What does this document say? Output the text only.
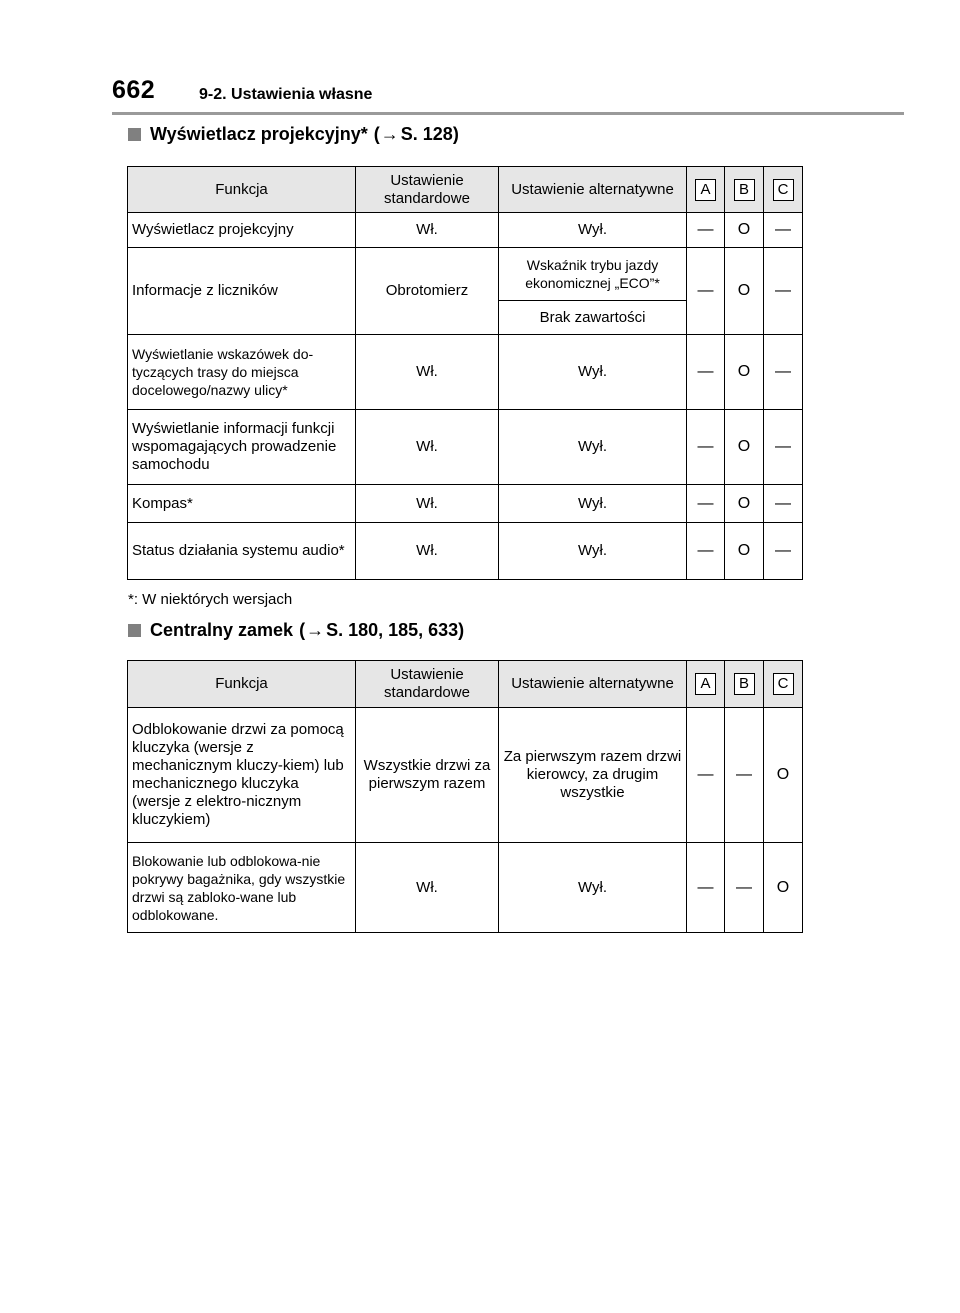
662	9-2. Ustawienia własne
Wyświetlacz projekcyjny* ( → S. 128)
Funkcja	Ustawienie standardowe	Ustawienie alternatywne	A	B	C
Wyświetlacz projekcyjny	Wł.	Wył.	—	O	—
Informacje z liczników	Obrotomierz	Wskaźnik trybu jazdy ekonomicznej „ECO”*	—	O	—
		Brak zawartości			
Wyświetlanie wskazówek do-tyczących trasy do miejsca docelowego/nazwy ulicy*	Wł.	Wył.	—	O	—
Wyświetlanie informacji funkcji wspomagających prowadzenie samochodu	Wł.	Wył.	—	O	—
Kompas*	Wł.	Wył.	—	O	—
Status działania systemu audio*	Wł.	Wył.	—	O	—
*: W niektórych wersjach
Centralny zamek ( → S. 180, 185, 633)
Funkcja	Ustawienie standardowe	Ustawienie alternatywne	A	B	C
Odblokowanie drzwi za pomocą kluczyka (wersje z mechanicznym kluczy-kiem) lub mechanicznego kluczyka (wersje z elektro-nicznym kluczykiem)	Wszystkie drzwi za pierwszym razem	Za pierwszym razem drzwi kierowcy, za drugim wszystkie	—	—	O
Blokowanie lub odblokowa-nie pokrywy bagażnika, gdy wszystkie drzwi są zabloko-wane lub odblokowane.	Wł.	Wył.	—	—	O
